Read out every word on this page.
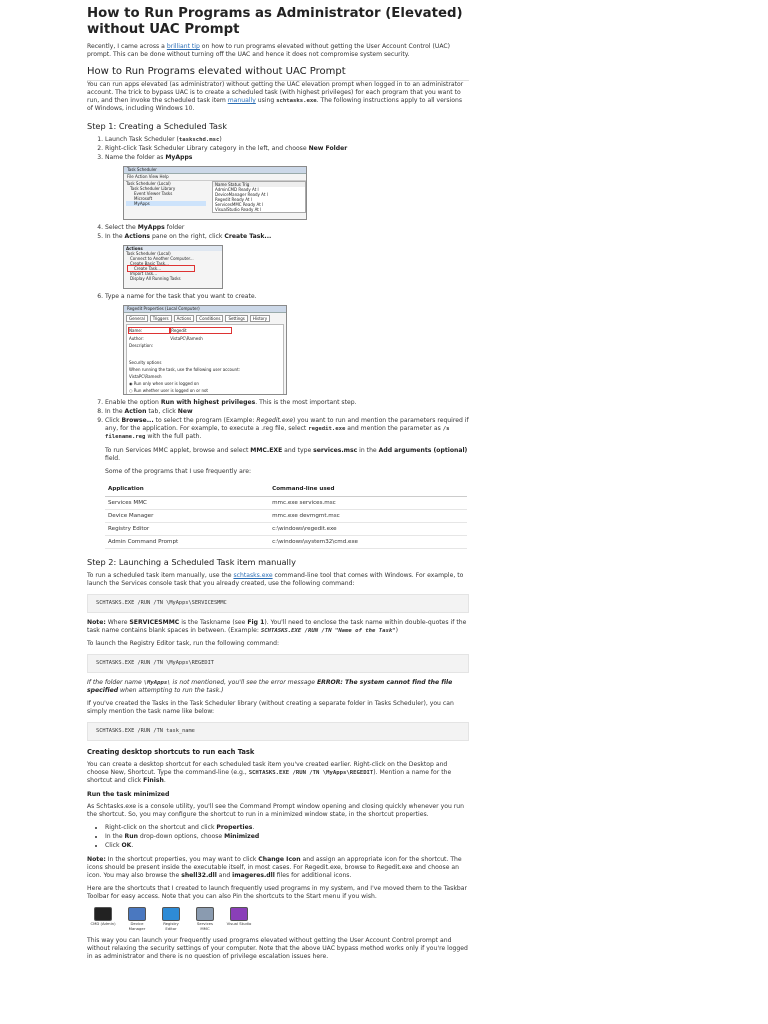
How to Run Programs as Administrator (Elevated) without UAC Prompt

Recently, I came across a brilliant tip on how to run programs elevated without getting the User Account Control (UAC) prompt. This can be done without turning off the UAC and hence it does not compromise system security.

How to Run Programs elevated without UAC Prompt

You can run apps elevated (as administrator) without getting the UAC elevation prompt when logged in to an administrator account. The trick to bypass UAC is to create a scheduled task (with highest privileges) for each program that you want to run, and then invoke the scheduled task item manually using schtasks.exe. The following instructions apply to all versions of Windows, including Windows 10.

Step 1: Creating a Scheduled Task
1. Launch Task Scheduler (taskschd.msc)
2. Right-click Task Scheduler Library category in the left, and choose New Folder
3. Name the folder as MyApps
Task Scheduler
File Action View Help
Task Scheduler (Local)
Task Scheduler Library
Event Viewer Tasks
Microsoft
MyApps
Name Status Trig
AdminCMD Ready At l
DeviceManager Ready At l
Regedit Ready At l
ServicesMMC Ready At l
VisualStudio Ready At l
4. Select the MyApps folder
5. In the Actions pane on the right, click Create Task...
Actions
Task Scheduler (Local)
Connect to Another Computer...
Create Basic Task...
Create Task...
Import Task...
Display All Running Tasks
6. Type a name for the task that you want to create.
Regedit Properties (Local Computer)
General	Triggers	Actions	Conditions	Settings	History
Name:	Regedit
Author:	VistaPC\Ramesh
Description:
Security options
When running the task, use the following user account:
VistaPC\Ramesh
◉ Run only when user is logged on
○ Run whether user is logged on or not
7. Enable the option Run with highest privileges. This is the most important step.
8. In the Action tab, click New
9. Click Browse... to select the program (Example: Regedit.exe) you want to run and mention the parameters required if any, for the application. For example, to execute a .reg file, select regedit.exe and mention the parameter as /s filename.reg with the full path.

To run Services MMC applet, browse and select MMC.EXE and type services.msc in the Add arguments (optional) field.

Some of the programs that I use frequently are:

Application	Command-line used
Services MMC	mmc.exe services.msc
Device Manager	mmc.exe devmgmt.msc
Registry Editor	c:\windows\regedit.exe
Admin Command Prompt	c:\windows\system32\cmd.exe
Step 2: Launching a Scheduled Task item manually

To run a scheduled task item manually, use the schtasks.exe command-line tool that comes with Windows. For example, to launch the Services console task that you already created, use the following command:

SCHTASKS.EXE /RUN /TN \MyApps\SERVICESMMC

Note: Where SERVICESMMC is the Taskname (see Fig 1). You'll need to enclose the task name within double-quotes if the task name contains blank spaces in between. (Example: SCHTASKS.EXE /RUN /TN "Name of the Task")

To launch the Registry Editor task, run the following command:

SCHTASKS.EXE /RUN /TN \MyApps\REGEDIT

If the folder name \MyApps\ is not mentioned, you'll see the error message ERROR: The system cannot find the file specified when attempting to run the task.)

If you've created the Tasks in the Task Scheduler library (without creating a separate folder in Tasks Scheduler), you can simply mention the task name like below:

SCHTASKS.EXE /RUN /TN task_name
Creating desktop shortcuts to run each Task

You can create a desktop shortcut for each scheduled task item you've created earlier. Right-click on the Desktop and choose New, Shortcut. Type the command-line (e.g., SCHTASKS.EXE /RUN /TN \MyApps\REGEDIT). Mention a name for the shortcut and click Finish.

Run the task minimized

As Schtasks.exe is a console utility, you'll see the Command Prompt window opening and closing quickly whenever you run the shortcut. So, you may configure the shortcut to run in a minimized window state, in the shortcut properties.

• Right-click on the shortcut and click Properties.
• In the Run drop-down options, choose Minimized
• Click OK.

Note: In the shortcut properties, you may want to click Change Icon and assign an appropriate icon for the shortcut. The icons should be present inside the executable itself, in most cases. For Regedit.exe, browse to Regedit.exe and choose an icon. You may also browse the shell32.dll and imageres.dll files for additional icons.

Here are the shortcuts that I created to launch frequently used programs in my system, and I've moved them to the Taskbar Toolbar for easy access. Note that you can also Pin the shortcuts to the Start menu if you wish.

CMD (Admin)	Device Manager
Registry Editor
Services MMC
Visual Studio

This way you can launch your frequently used programs elevated without getting the User Account Control prompt and without relaxing the security settings of your computer. Note that the above UAC bypass method works only if you're logged in as administrator and there is no question of privilege escalation issues here.
